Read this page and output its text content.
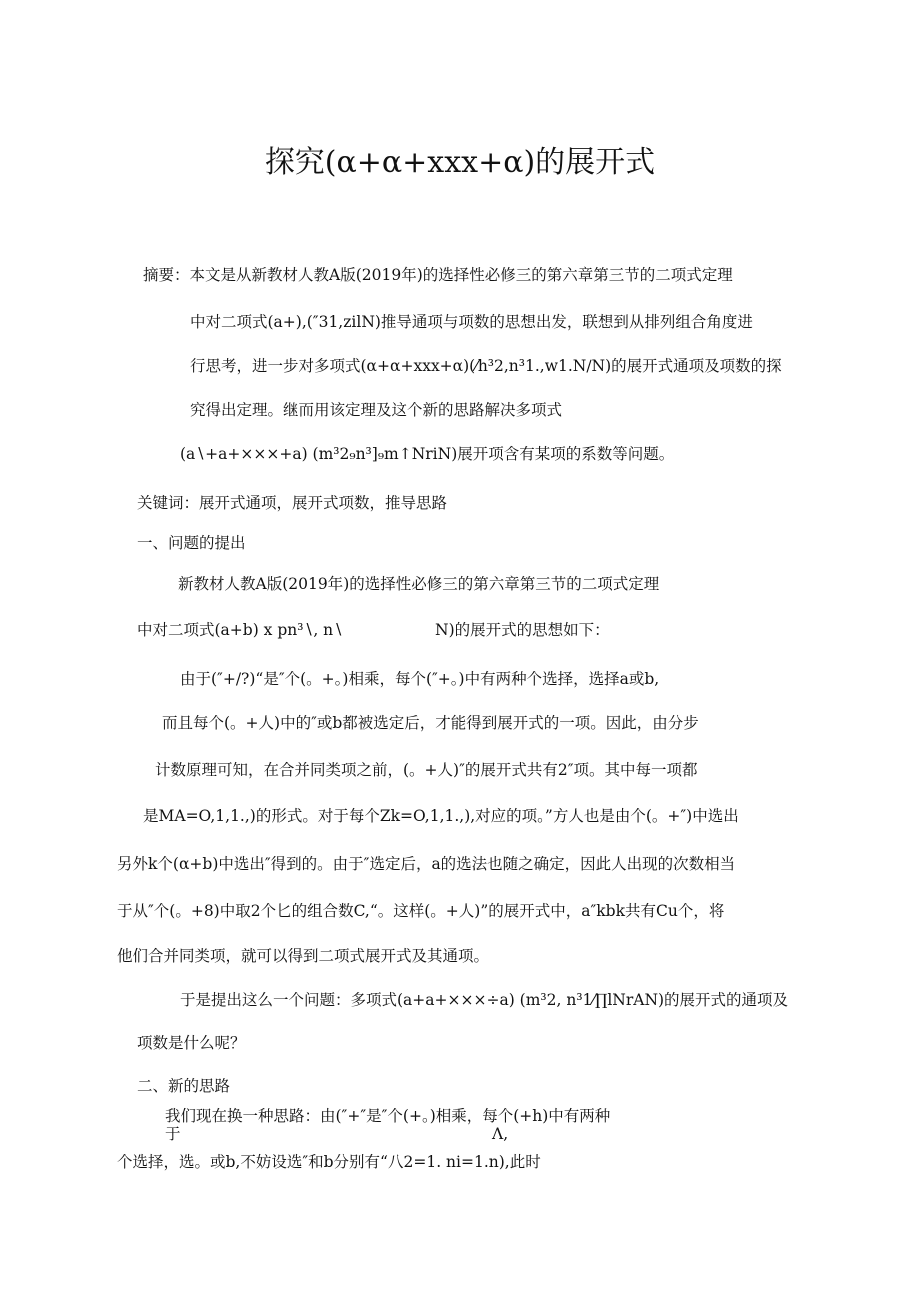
探究(α+α+xxx+α)的展开式
摘要：本文是从新教材人教A版(2019年)的选择性必修三的第六章第三节的二项式定理
中对二项式(a+),(″31,zilN)推导通项与项数的思想出发，联想到从排列组合角度进
行思考，进一步对多项式(α+α+xxx+α)(⁄h³2,n³1.,w1.N∕N)的展开式通项及项数的探
究得出定理。继而用该定理及这个新的思路解决多项式
(a∖+a+×××+a) (m³2₉n³]₉m↑NriN)展开项含有某项的系数等问题。
关键词：展开式通项，展开式项数，推导思路
一、问题的提出
新教材人教A版(2019年)的选择性必修三的第六章第三节的二项式定理
中对二项式(a+b) x pn³∖, n∖	N)的展开式的思想如下：
由于(″+/?)“是″个(。+。)相乘，每个(″+。)中有两种个选择，选择a或b,
而且每个(。+人)中的″或b都被选定后，才能得到展开式的一项。因此，由分步
计数原理可知，在合并同类项之前，(。+人)″的展开式共有2″项。其中每一项都
是MA=O,1,1.,)的形式。对于每个Zk=O,1,1.,),对应的项。”方人也是由个(。+″)中选出
另外k个(α+b)中选出″得到的。由于″选定后，a的选法也随之确定，因此人出现的次数相当
于从″个(。+8)中取2个匕的组合数C,“。这样(。+人)”的展开式中，a″kbk共有Cu个，将
他们合并同类项，就可以得到二项式展开式及其通项。
于是提出这么一个问题：多项式(a+a+×××÷a) (m³2, n³1⁄∏lNrAN)的展开式的通项及
项数是什么呢？
二、新的思路
我们现在换一种思路：由(″+″是″个(+。)相乘，每个(+h)中有两种
于	Λ,
个选择，选。或b,不妨设选″和b分别有“八2=1. ni=1.n),此时
